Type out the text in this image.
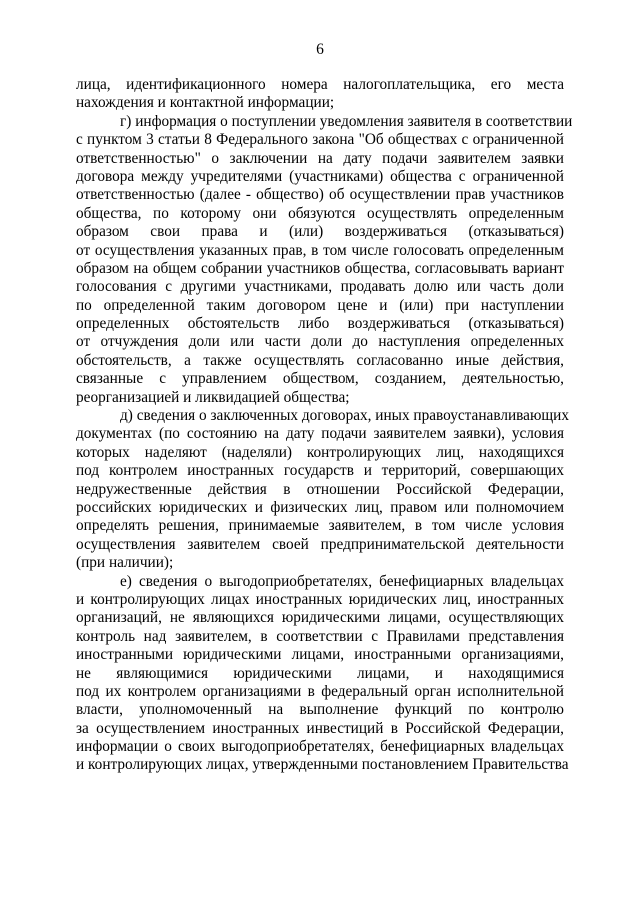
6
лица, идентификационного номера налогоплательщика, его места
нахождения и контактной информации;
г) информация о поступлении уведомления заявителя в соответствии
с пунктом 3 статьи 8 Федерального закона "Об обществах с ограниченной
ответственностью" о заключении на дату подачи заявителем заявки
договора между учредителями (участниками) общества с ограниченной
ответственностью (далее - общество) об осуществлении прав участников
общества, по которому они обязуются осуществлять определенным
образом свои права и (или) воздерживаться (отказываться)
от осуществления указанных прав, в том числе голосовать определенным
образом на общем собрании участников общества, согласовывать вариант
голосования с другими участниками, продавать долю или часть доли
по определенной таким договором цене и (или) при наступлении
определенных обстоятельств либо воздерживаться (отказываться)
от отчуждения доли или части доли до наступления определенных
обстоятельств, а также осуществлять согласованно иные действия,
связанные с управлением обществом, созданием, деятельностью,
реорганизацией и ликвидацией общества;
д) сведения о заключенных договорах, иных правоустанавливающих
документах (по состоянию на дату подачи заявителем заявки), условия
которых наделяют (наделяли) контролирующих лиц, находящихся
под контролем иностранных государств и территорий, совершающих
недружественные действия в отношении Российской Федерации,
российских юридических и физических лиц, правом или полномочием
определять решения, принимаемые заявителем, в том числе условия
осуществления заявителем своей предпринимательской деятельности
(при наличии);
е) сведения о выгодоприобретателях, бенефициарных владельцах
и контролирующих лицах иностранных юридических лиц, иностранных
организаций, не являющихся юридическими лицами, осуществляющих
контроль над заявителем, в соответствии с Правилами представления
иностранными юридическими лицами, иностранными организациями,
не являющимися юридическими лицами, и находящимися
под их контролем организациями в федеральный орган исполнительной
власти, уполномоченный на выполнение функций по контролю
за осуществлением иностранных инвестиций в Российской Федерации,
информации о своих выгодоприобретателях, бенефициарных владельцах
и контролирующих лицах, утвержденными постановлением Правительства
